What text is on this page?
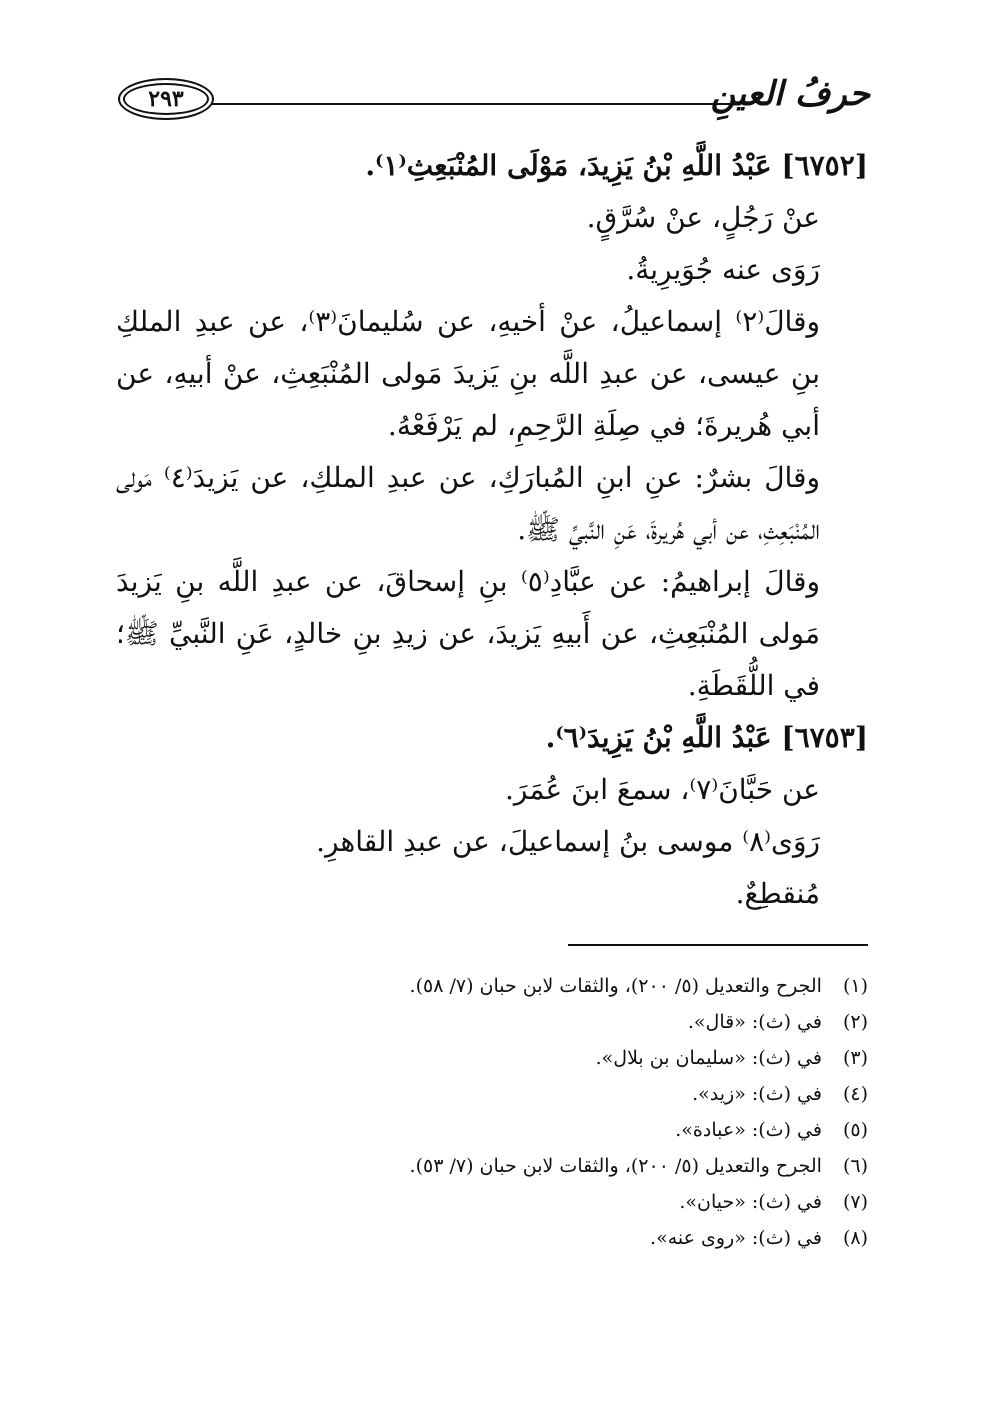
حرفُ العينِ
٢٩٣

[٦٧٥٢] عَبْدُ اللَّهِ بْنُ يَزِيدَ، مَوْلَى المُنْبَعِثِ⁽١⁾.

عنْ رَجُلٍ، عنْ سُرَّقٍ.

رَوَى عنه جُوَيرِيةُ.

وقالَ⁽٢⁾ إسماعيلُ، عنْ أخيهِ، عن سُليمانَ⁽٣⁾، عن عبدِ الملكِ بنِ عيسى، عن عبدِ اللَّه بنِ يَزيدَ مَولى المُنْبَعِثِ، عنْ أبيهِ، عن أبي هُريرةَ؛ في صِلَةِ الرَّحِمِ، لم يَرْفَعْهُ.

وقالَ بشرٌ: عنِ ابنِ المُبارَكِ، عن عبدِ الملكِ، عن يَزيدَ⁽٤⁾ مَولى المُنْبَعِثِ، عن أبي هُريرةَ، عَنِ النَّبيِّ ﷺ.

وقالَ إبراهيمُ: عن عبَّادِ⁽٥⁾ بنِ إسحاقَ، عن عبدِ اللَّه بنِ يَزيدَ مَولى المُنْبَعِثِ، عن أَبيهِ يَزيدَ، عن زيدِ بنِ خالدٍ، عَنِ النَّبيِّ ﷺ؛ في اللُّقَطَةِ.

[٦٧٥٣] عَبْدُ اللَّهِ بْنُ يَزِيدَ⁽٦⁾.

عن حَبَّانَ⁽٧⁾، سمعَ ابنَ عُمَرَ.

رَوَى⁽٨⁾ موسى بنُ إسماعيلَ، عن عبدِ القاهرِ.

مُنقطِعٌ.

(١) الجرح والتعديل (٥/ ٢٠٠)، والثقات لابن حبان (٧/ ٥٨).
(٢) في (ث): «قال».
(٣) في (ث): «سليمان بن بلال».
(٤) في (ث): «زيد».
(٥) في (ث): «عبادة».
(٦) الجرح والتعديل (٥/ ٢٠٠)، والثقات لابن حبان (٧/ ٥٣).
(٧) في (ث): «حيان».
(٨) في (ث): «روى عنه».
